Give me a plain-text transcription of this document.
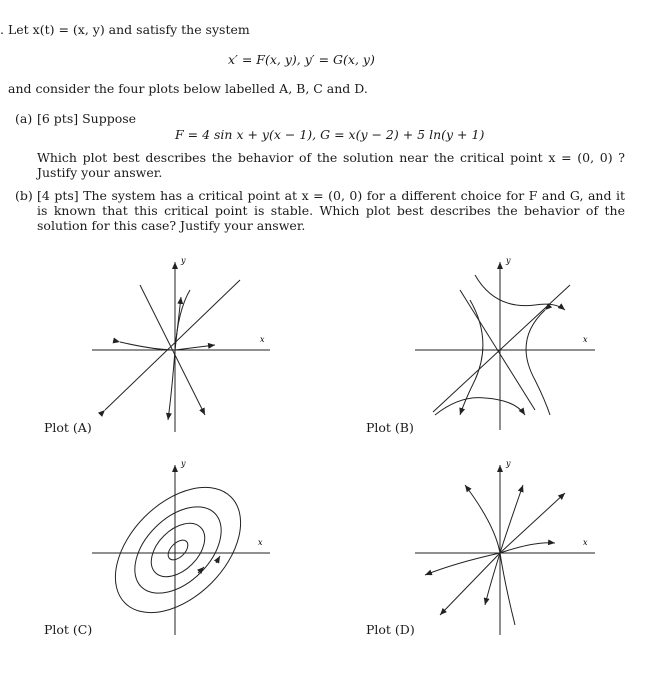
. Let x(t) = (x, y) and satisfy the system
x′ = F(x, y), y′ = G(x, y)
and consider the four plots below labelled A, B, C and D.
(a) [6 pts] Suppose
F = 4 sin x + y(x − 1), G = x(y − 2) + 5 ln(y + 1)
Which plot best describes the behavior of the solution near the critical point x = (0, 0) ? Justify your answer.
(b) [4 pts] The system has a critical point at x = (0, 0) for a different choice for F and G, and it is known that this critical point is stable. Which plot best describes the behavior of the solution for this case? Justify your answer.
x
y
Plot (A)
x
y
Plot (B)
x
y
Plot (C)
x
y
Plot (D)
